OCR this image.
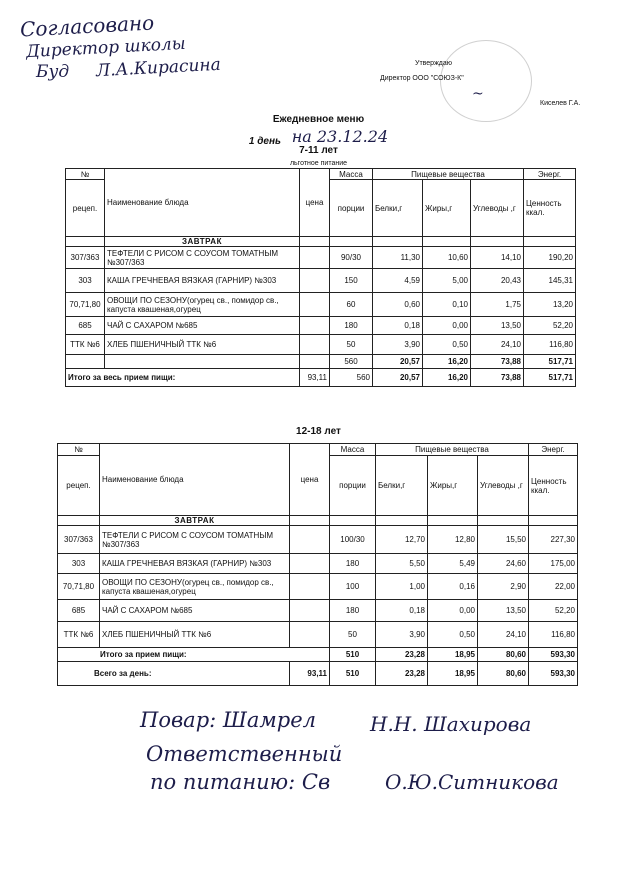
Согласовано
Директор школы
Буд Л.А.Кирасина	Утверждаю
Директор ООО "СОЮЗ-К"
~
Киселев Г.А.
Ежедневное меню
1 день на 23.12.24
7-11 лет
льготное питание
№	Наименование блюда	цена	Масса	Пищевые вещества			Энерг.
рецеп.			порции	Белки,г	Жиры,г	Углеводы ,г	Ценность ккал.

	ЗАВТРАК						
307/363	ТЕФТЕЛИ С РИСОМ С СОУСОМ ТОМАТНЫМ №307/363		90/30	11,30	10,60	14,10	190,20
303	КАША ГРЕЧНЕВАЯ ВЯЗКАЯ (ГАРНИР) №303		150	4,59	5,00	20,43	145,31
70,71,80	ОВОЩИ ПО СЕЗОНУ(огурец св., помидор св., капуста квашеная,огурец		60	0,60	0,10	1,75	13,20
685	ЧАЙ С САХАРОМ №685		180	0,18	0,00	13,50	52,20
ТТК №6	ХЛЕБ ПШЕНИЧНЫЙ ТТК №6		50	3,90	0,50	24,10	116,80
			560	20,57	16,20	73,88	517,71
Итого за весь прием пищи:		93,11	560	20,57	16,20	73,88	517,71
12-18 лет
№	Наименование блюда	цена	Масса	Пищевые вещества			Энерг.
рецеп.			порции	Белки,г	Жиры,г	Углеводы ,г	Ценность ккал.

	ЗАВТРАК						
307/363	ТЕФТЕЛИ С РИСОМ С СОУСОМ ТОМАТНЫМ №307/363		100/30	12,70	12,80	15,50	227,30
303	КАША ГРЕЧНЕВАЯ ВЯЗКАЯ (ГАРНИР) №303		180	5,50	5,49	24,60	175,00
70,71,80	ОВОЩИ ПО СЕЗОНУ(огурец св., помидор св., капуста квашеная,огурец		100	1,00	0,16	2,90	22,00
685	ЧАЙ С САХАРОМ №685		180	0,18	0,00	13,50	52,20
ТТК №6	ХЛЕБ ПШЕНИЧНЫЙ ТТК №6		50	3,90	0,50	24,10	116,80
Итого за прием пищи:			510	23,28	18,95	80,60	593,30
Всего за день:		93,11	510	23,28	18,95	80,60	593,30
Повар: Шамрел	Н.Н. Шахирова
Ответственный
по питанию: Св	О.Ю.Ситникова
